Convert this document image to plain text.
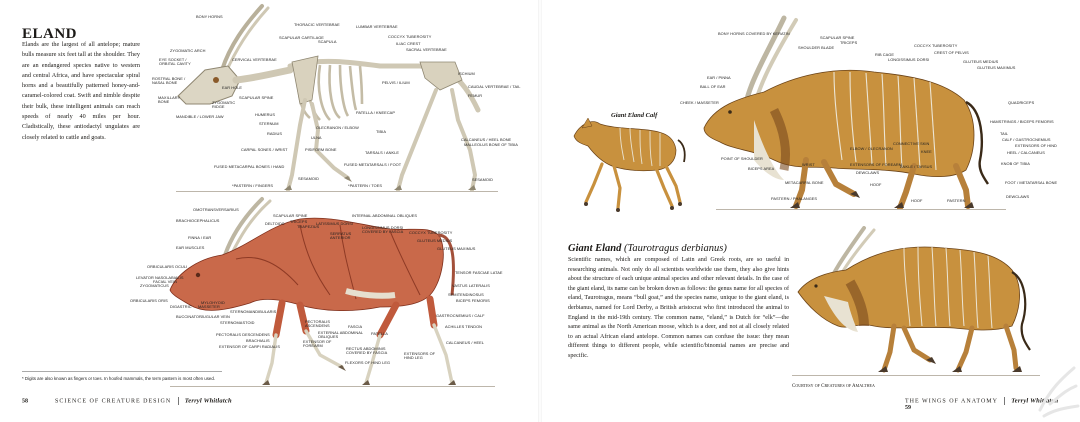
ELAND
Elands are the largest of all antelope; mature bulls measure six feet tall at the shoulder. They are an endangered species native to western and central Africa, and have spectacular spiral horns and a beautifully patterned honey-and-caramel-colored coat. Swift and nimble despite their bulk, these intelligent animals can reach speeds of nearly 40 miles per hour. Cladistically, these antiodactyl ungulates are closely related to cattle and goats.
BONY HORNS
THORACIC VERTEBRAE	LUMBAR VERTEBRAE
SCAPULAR CARTILAGE
SCAPULA
COCCYX TUBEROSITY
ILIAC CREST
SACRAL VERTEBRAE
ZYGOMATIC ARCH
CERVICAL VERTEBRAE
EYE SOCKET /
ORBITAL CAVITY
ROSTRAL BONE /
NASAL BONE
EAR HOLE
PELVIS / ILIUM
ISCHIUM
CAUDAL VERTEBRAE / TAIL
FEMUR
MAXILLARY
BONE
SCAPULAR SPINE
ZYGOMATIC
RIDGE
PATELLA / KNEECAP
HUMERUS
MANDIBLE / LOWER JAW
STERNUM
OLECRANON / ELBOW
RADIUS
ULNA
TIBIA
CALCANEUS / HEEL BONE
MALLEOLUS BONE OF TIBIA
CARPAL SONES / WRIST	PISIFORM BONE
TARSALS / ANKLE
FUSED METACARPAL BONES / HAND	FUSED METATARSALS / FOOT
SESAMOID	SESAMOID
*PASTERN / FINGERS	*PASTERN / TOES
OMOTRANSVERSARIUS
SCAPULAR SPINE	INTERNAL ABDOMINAL OBLIQUES
BRACHIOCEPHALICUS
DELTOIDS TRICEPS
TRAPEZIUS
LATISSIMUS DORSI
LONGISSIMUS DORSI
COVERED BY FASCIA COCCYX TUBEROSITY
SERRATUS
ANTERIOR
FINNA / EAR
GLUTEUS MEDIUS
EAR MUSCLES	GLUTEUS MAXIMUS
ORBICULARIS OCULI
TENSOR FASCIAE LATAE
LEVATOR NASOLABIALIS
FACIAL VEIN
ZYGOMATICUS	VASTUS LATERALIS
SEMITENDINOSUS
BICEPS FEMORIS
ORBICULARIS ORIS	MYLOHYOID
DIGASTRIC MASSETER
STERNOMANDIBULARIS
BUCCINATOR JUGULAR VEIN	GASTROCNEMIUS / CALF
STERNOMASTOID	PECTORALIS
ASCENDENS	FASCIA	ACHILLES TENDON
EXTERNAL ABDOMINAL
OBLIQUES
PATELLA
PECTORALIS DESCENDENS
BRACHIALIS	CALCANEUS / HEEL
EXTENSOR OF
FOREARM
EXTENSOR OF CARPI RADIALIS	RECTUS ABDOMINIS
COVERED BY FASCIA	EXTENSORS OF
HIND LEG
FLEXORS OF HIND LEG
* Digits are also known as fingers or toes. In hoofed mammals, the term pastern is most often used.
58	SCIENCE OF CREATURE DESIGN Terryl Whitlatch
Giant Eland Calf
BONY HORNS COVERED BY KERATIN
SCAPULAR SPINE
TRICEPS
SHOULDER BLADE
RIB CAGE
COCCYX TUBEROSITY
CREST OF PELVIS
LONGISSIMUS DORSI	GLUTEUS MEDIUS
GLUTEUS MAXIMUS
EAR / PINNA
BALL OF EAR
CHEEK / MASSETER	QUADRICEPS
HAMSTRINGS / BICEPS FEMORIS
TAIL
CALF / GASTROCNEMIUS
CONNECTIVE SKIN	EXTENSORS OF HIND
ELBOW / OLECRANON
KNEE	HEEL / CALCANEUS
POINT OF SHOULDER
WRIST	EXTENSORS OF FOREARM
ANKLE / TARSUS
KNOB OF TIBIA
BICEPS AREA
DEWCLAWS
METACARPAL BONE	HOOF	FOOT / METATARSAL BONE
PASTERN / PHALANGES	DEWCLAWS
HOOF	PASTERN
Giant Eland (Taurotragus derbianus)
Scientific names, which are composed of Latin and Greek roots, are so useful in researching animals. Not only do all scientists worldwide use them, they also give hints about the structure of each unique animal species and other relevant details. In the case of the giant eland, its name can be broken down as follows: the genus name for all species of eland, Taurotragus, means “bull goat,” and the species name, unique to the giant eland, is derbianus, named for Lord Derby, a British aristocrat who first introduced the animal to England in the mid-19th century. The common name, “eland,” is Dutch for “elk”—the same animal as the North American moose, which is a deer, and not at all closely related to an actual African eland antelope. Common names can confuse the issue: they mean different things to different people, while scientific/binomial names are precise and specific.
Courtesy of Creatures of Amalthea
THE WINGS OF ANATOMY Terryl Whitlatch  59
